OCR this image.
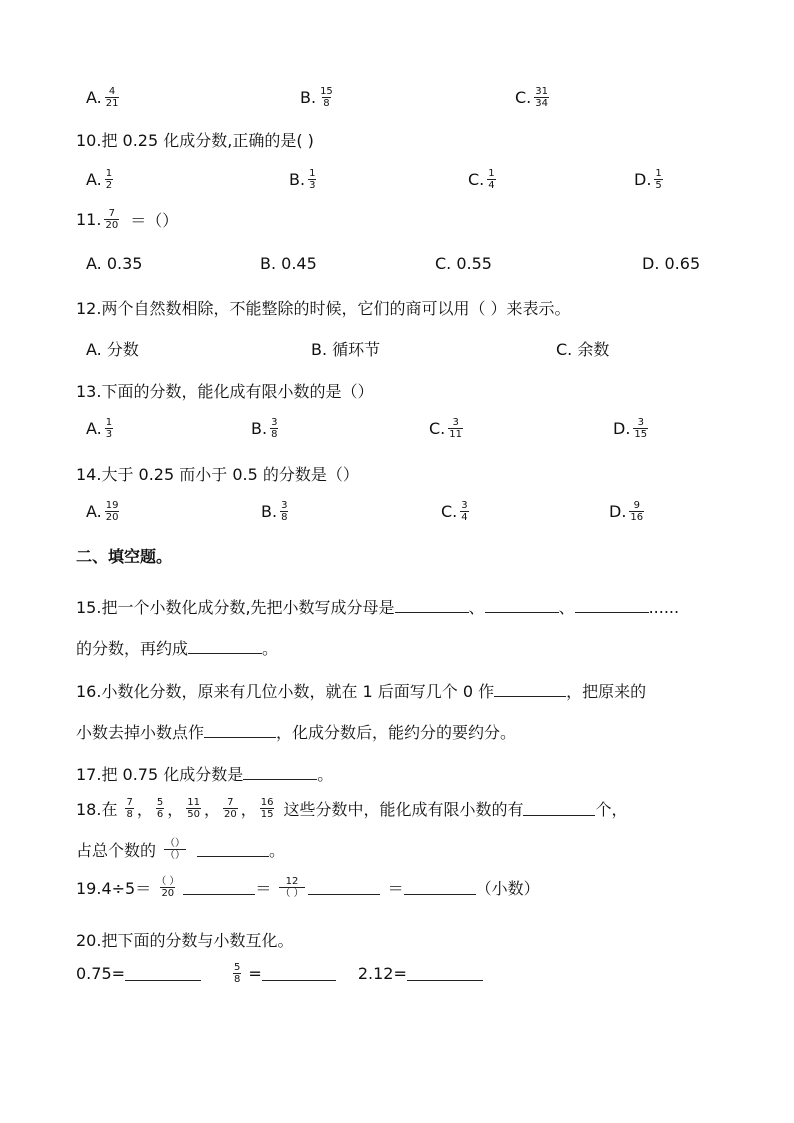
A. $\frac{4}{21}$	B. $\frac{15}{8}$	C. $\frac{31}{34}$
10.把 0.25 化成分数,正确的是( )
A. $\frac{1}{2}$	B. $\frac{1}{3}$	C. $\frac{1}{4}$	D. $\frac{1}{5}$
11. $\frac{7}{20}$ ＝（）
A. 0.35	B. 0.45	C. 0.55	D. 0.65
12.两个自然数相除，不能整除的时候，它们的商可以用（ ）来表示。
A. 分数	B. 循环节	C. 余数
13.下面的分数，能化成有限小数的是（）
A. $\frac{1}{3}$	B. $\frac{3}{8}$	C. $\frac{3}{11}$	D. $\frac{3}{15}$
14.大于 0.25 而小于 0.5 的分数是（）
A. $\frac{19}{20}$	B. $\frac{3}{8}$	C. $\frac{3}{4}$	D. $\frac{9}{16}$
二、填空题。
15.把一个小数化成分数,先把小数写成分母是	、	、	......
的分数，再约成	。
16.小数化分数，原来有几位小数，就在 1 后面写几个 0 作	，把原来的
小数去掉小数点作	，化成分数后，能约分的要约分。
17.把 0.75 化成分数是	。
18.在 $\frac{7}{8}$ ， $\frac{5}{6}$ ， $\frac{11}{50}$ ， $\frac{7}{20}$ ， $\frac{16}{15}$ 这些分数中，能化成有限小数的有	个，
占总个数的 $\frac{()}{()}$	。
$19.4\div 5= \frac{( )}{20}$	＝ $\frac{12}{( )}$	＝	（小数）
20.把下面的分数与小数互化。
0.75=	$\frac{5}{8}$ =	2.12=
